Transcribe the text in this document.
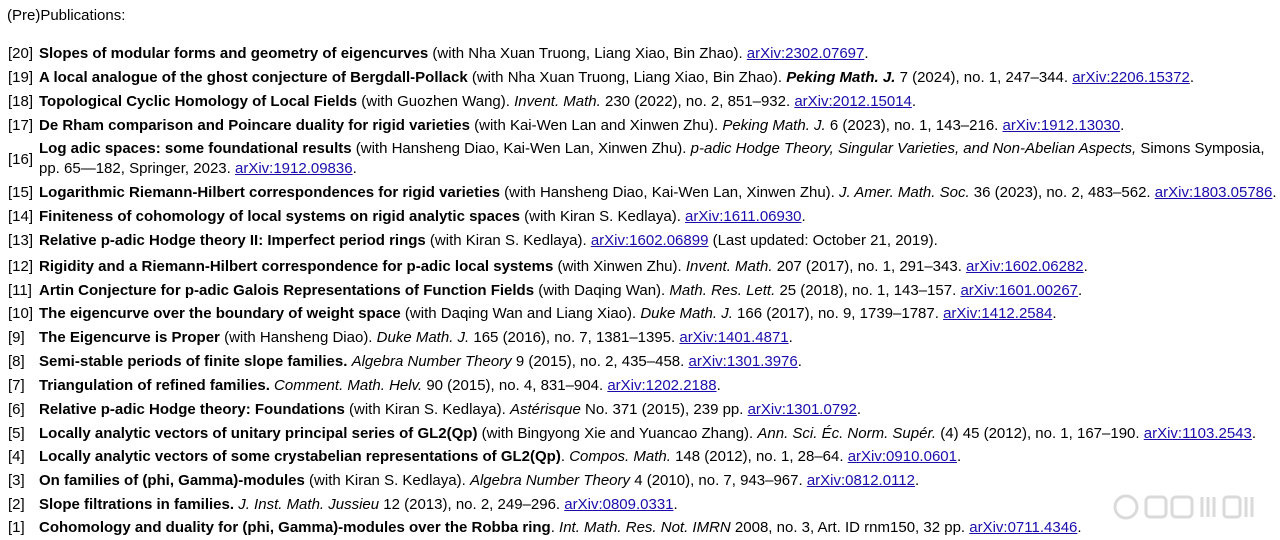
(Pre)Publications:
[20] Slopes of modular forms and geometry of eigencurves (with Nha Xuan Truong, Liang Xiao, Bin Zhao). arXiv:2302.07697.
[19] A local analogue of the ghost conjecture of Bergdall-Pollack (with Nha Xuan Truong, Liang Xiao, Bin Zhao). Peking Math. J. 7 (2024), no. 1, 247–344. arXiv:2206.15372.
[18] Topological Cyclic Homology of Local Fields (with Guozhen Wang). Invent. Math. 230 (2022), no. 2, 851–932. arXiv:2012.15014.
[17] De Rham comparison and Poincare duality for rigid varieties (with Kai-Wen Lan and Xinwen Zhu). Peking Math. J. 6 (2023), no. 1, 143–216. arXiv:1912.13030.
[16]
Log adic spaces: some foundational results (with Hansheng Diao, Kai-Wen Lan, Xinwen Zhu). p-adic Hodge Theory, Singular Varieties, and Non-Abelian Aspects, Simons Symposia, pp. 65—182, Springer, 2023. arXiv:1912.09836.
[15] Logarithmic Riemann-Hilbert correspondences for rigid varieties (with Hansheng Diao, Kai-Wen Lan, Xinwen Zhu). J. Amer. Math. Soc. 36 (2023), no. 2, 483–562. arXiv:1803.05786.
[14] Finiteness of cohomology of local systems on rigid analytic spaces (with Kiran S. Kedlaya). arXiv:1611.06930.
[13] Relative p-adic Hodge theory II: Imperfect period rings (with Kiran S. Kedlaya). arXiv:1602.06899 (Last updated: October 21, 2019).
[12] Rigidity and a Riemann-Hilbert correspondence for p-adic local systems (with Xinwen Zhu). Invent. Math. 207 (2017), no. 1, 291–343. arXiv:1602.06282.
[11] Artin Conjecture for p-adic Galois Representations of Function Fields (with Daqing Wan). Math. Res. Lett. 25 (2018), no. 1, 143–157. arXiv:1601.00267.
[10] The eigencurve over the boundary of weight space (with Daqing Wan and Liang Xiao). Duke Math. J. 166 (2017), no. 9, 1739–1787. arXiv:1412.2584.
[9] The Eigencurve is Proper (with Hansheng Diao). Duke Math. J. 165 (2016), no. 7, 1381–1395. arXiv:1401.4871.
[8] Semi-stable periods of finite slope families. Algebra Number Theory 9 (2015), no. 2, 435–458. arXiv:1301.3976.
[7] Triangulation of refined families. Comment. Math. Helv. 90 (2015), no. 4, 831–904. arXiv:1202.2188.
[6] Relative p-adic Hodge theory: Foundations (with Kiran S. Kedlaya). Astérisque No. 371 (2015), 239 pp. arXiv:1301.0792.
[5] Locally analytic vectors of unitary principal series of GL2(Qp) (with Bingyong Xie and Yuancao Zhang). Ann. Sci. Éc. Norm. Supér. (4) 45 (2012), no. 1, 167–190. arXiv:1103.2543.
[4] Locally analytic vectors of some crystabelian representations of GL2(Qp). Compos. Math. 148 (2012), no. 1, 28–64. arXiv:0910.0601.
[3] On families of (phi, Gamma)-modules (with Kiran S. Kedlaya). Algebra Number Theory 4 (2010), no. 7, 943–967. arXiv:0812.0112.
[2] Slope filtrations in families. J. Inst. Math. Jussieu 12 (2013), no. 2, 249–296. arXiv:0809.0331.
[1] Cohomology and duality for (phi, Gamma)-modules over the Robba ring. Int. Math. Res. Not. IMRN 2008, no. 3, Art. ID rnm150, 32 pp. arXiv:0711.4346.
